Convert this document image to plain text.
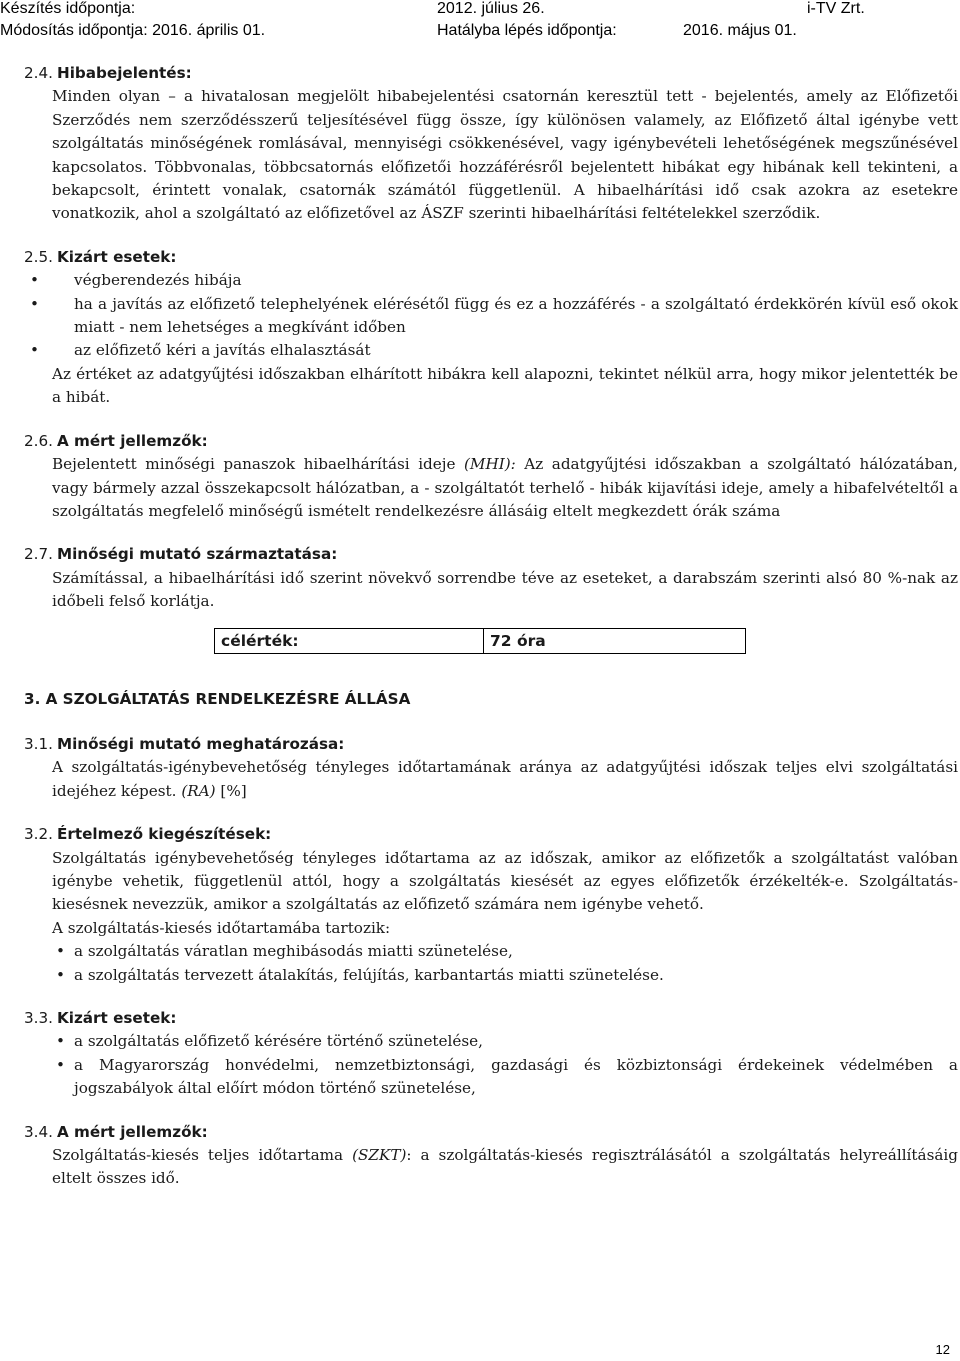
Készítés időpontja:	2012. július 26.	i-TV Zrt.
Módosítás időpontja: 2016. április 01.	Hatályba lépés időpontja:	2016. május 01.
2.4. Hibabejelentés:
Minden olyan – a hivatalosan megjelölt hibabejelentési csatornán keresztül tett - bejelentés, amely az Előfizetői Szerződés nem szerződésszerű teljesítésével függ össze, így különösen valamely, az Előfizető által igénybe vett szolgáltatás minőségének romlásával, mennyiségi csökkenésével, vagy igénybevételi lehetőségének megszűnésével kapcsolatos. Többvonalas, többcsatornás előfizetői hozzáférésről bejelentett hibákat egy hibának kell tekinteni, a bekapcsolt, érintett vonalak, csatornák számától függetlenül. A hibaelhárítási idő csak azokra az esetekre vonatkozik, ahol a szolgáltató az előfizetővel az ÁSZF szerinti hibaelhárítási feltételekkel szerződik.
2.5. Kizárt esetek:
• végberendezés hibája
• ha a javítás az előfizető telephelyének elérésétől függ és ez a hozzáférés - a szolgáltató érdekkörén kívül eső okok miatt - nem lehetséges a megkívánt időben
• az előfizető kéri a javítás elhalasztását
Az értéket az adatgyűjtési időszakban elhárított hibákra kell alapozni, tekintet nélkül arra, hogy mikor jelentették be a hibát.
2.6. A mért jellemzők:
Bejelentett minőségi panaszok hibaelhárítási ideje (MHI): Az adatgyűjtési időszakban a szolgáltató hálózatában, vagy bármely azzal összekapcsolt hálózatban, a - szolgáltatót terhelő - hibák kijavítási ideje, amely a hibafelvételtől a szolgáltatás megfelelő minőségű ismételt rendelkezésre állásáig eltelt megkezdett órák száma
2.7. Minőségi mutató származtatása:
Számítással, a hibaelhárítási idő szerint növekvő sorrendbe téve az eseteket, a darabszám szerinti alsó 80 %-nak az időbeli felső korlátja.
célérték:	72 óra
3. A SZOLGÁLTATÁS RENDELKEZÉSRE ÁLLÁSA
3.1. Minőségi mutató meghatározása:
A szolgáltatás-igénybevehetőség tényleges időtartamának aránya az adatgyűjtési időszak teljes elvi szolgáltatási idejéhez képest. (RA) [%]
3.2. Értelmező kiegészítések:
Szolgáltatás igénybevehetőség tényleges időtartama az az időszak, amikor az előfizetők a szolgáltatást valóban igénybe vehetik, függetlenül attól, hogy a szolgáltatás kiesését az egyes előfizetők érzékelték-e. Szolgáltatás-kiesésnek nevezzük, amikor a szolgáltatás az előfizető számára nem igénybe vehető.
A szolgáltatás-kiesés időtartamába tartozik:
• a szolgáltatás váratlan meghibásodás miatti szünetelése,
• a szolgáltatás tervezett átalakítás, felújítás, karbantartás miatti szünetelése.
3.3. Kizárt esetek:
• a szolgáltatás előfizető kérésére történő szünetelése,
• a Magyarország honvédelmi, nemzetbiztonsági, gazdasági és közbiztonsági érdekeinek védelmében a jogszabályok által előírt módon történő szünetelése,
3.4. A mért jellemzők:
Szolgáltatás-kiesés teljes időtartama (SZKT): a szolgáltatás-kiesés regisztrálásától a szolgáltatás helyreállításáig eltelt összes idő.
12
